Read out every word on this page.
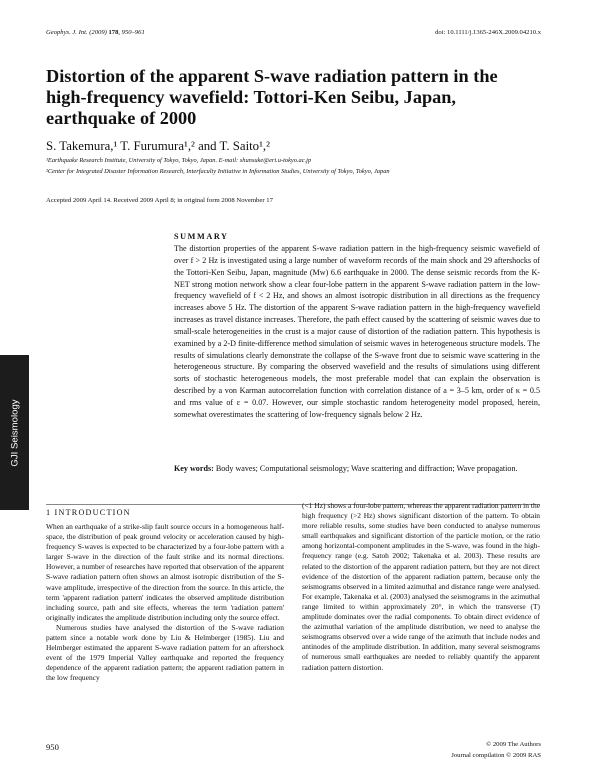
Geophys. J. Int. (2009) 178, 950–961	doi: 10.1111/j.1365-246X.2009.04210.x
Distortion of the apparent S-wave radiation pattern in the high-frequency wavefield: Tottori-Ken Seibu, Japan, earthquake of 2000
S. Takemura,¹ T. Furumura¹,² and T. Saito¹,²
¹Earthquake Research Institute, University of Tokyo, Tokyo, Japan. E-mail: shunsuke@eri.u-tokyo.ac.jp
²Center for Integrated Disaster Information Research, Interfaculty Initiative in Information Studies, University of Tokyo, Tokyo, Japan
Accepted 2009 April 14. Received 2009 April 8; in original form 2008 November 17
SUMMARY
The distortion properties of the apparent S-wave radiation pattern in the high-frequency seismic wavefield of over f > 2 Hz is investigated using a large number of waveform records of the main shock and 29 aftershocks of the Tottori-Ken Seibu, Japan, magnitude (Mw) 6.6 earthquake in 2000. The dense seismic records from the K-NET strong motion network show a clear four-lobe pattern in the apparent S-wave radiation pattern in the low-frequency wavefield of f < 2 Hz, and shows an almost isotropic distribution in all directions as the frequency increases above 5 Hz. The distortion of the apparent S-wave radiation pattern in the high-frequency wavefield increases as travel distance increases. Therefore, the path effect caused by the scattering of seismic waves due to small-scale heterogeneities in the crust is a major cause of distortion of the radiation pattern. This hypothesis is examined by a 2-D finite-difference method simulation of seismic waves in heterogeneous structure models. The results of simulations clearly demonstrate the collapse of the S-wave front due to seismic wave scattering in the heterogeneous structure. By comparing the observed wavefield and the results of simulations using different sorts of stochastic heterogeneous models, the most preferable model that can explain the observation is described by a von Karman autocorrelation function with correlation distance of a = 3–5 km, order of κ = 0.5 and rms value of ε = 0.07. However, our simple stochastic random heterogeneity model proposed, herein, somewhat overestimates the scattering of low-frequency signals below 2 Hz.
Key words: Body waves; Computational seismology; Wave scattering and diffraction; Wave propagation.
GJI Seismology
1 INTRODUCTION

When an earthquake of a strike-slip fault source occurs in a homogeneous half-space, the distribution of peak ground velocity or acceleration caused by high-frequency S-waves is expected to be characterized by a four-lobe pattern with a larger S-wave in the direction of the fault strike and its normal directions. However, a number of researches have reported that observation of the apparent S-wave radiation pattern often shows an almost isotropic distribution of the S-wave amplitude, irrespective of the direction from the source. In this article, the term 'apparent radiation pattern' indicates the observed amplitude distribution including source, path and site effects, whereas the term 'radiation pattern' originally indicates the amplitude distribution including only the source effect.

Numerous studies have analysed the distortion of the S-wave radiation pattern since a notable work done by Liu & Helmberger (1985). Liu and Helmberger estimated the apparent S-wave radiation pattern for an aftershock event of the 1979 Imperial Valley earthquake and reported the frequency dependence of the apparent radiation pattern; the apparent radiation pattern in the low frequency

(<1 Hz) shows a four-lobe pattern, whereas the apparent radiation pattern in the high frequency (>2 Hz) shows significant distortion of the pattern. To obtain more reliable results, some studies have been conducted to analyse numerous small earthquakes and significant distortion of the particle motion, or the ratio among horizontal-component amplitudes in the S-wave, was found in the high-frequency range (e.g. Satoh 2002; Takenaka et al. 2003). These results are related to the distortion of the apparent radiation pattern, but they are not direct evidence of the distortion of the apparent radiation pattern, because only the seismograms observed in a limited azimuthal and distance range were analysed. For example, Takenaka et al. (2003) analysed the seismograms in the azimuthal range limited to within approximately 20°, in which the transverse (T) amplitude dominates over the radial components. To obtain direct evidence of the azimuthal variation of the amplitude distribution, we need to analyse the seismograms observed over a wide range of the azimuth that include nodes and antinodes of the amplitude distribution. In addition, many several seismograms of numerous small earthquakes are needed to reliably quantify the apparent radiation pattern distortion.

950	© 2009 The Authors
Journal compilation © 2009 RAS
